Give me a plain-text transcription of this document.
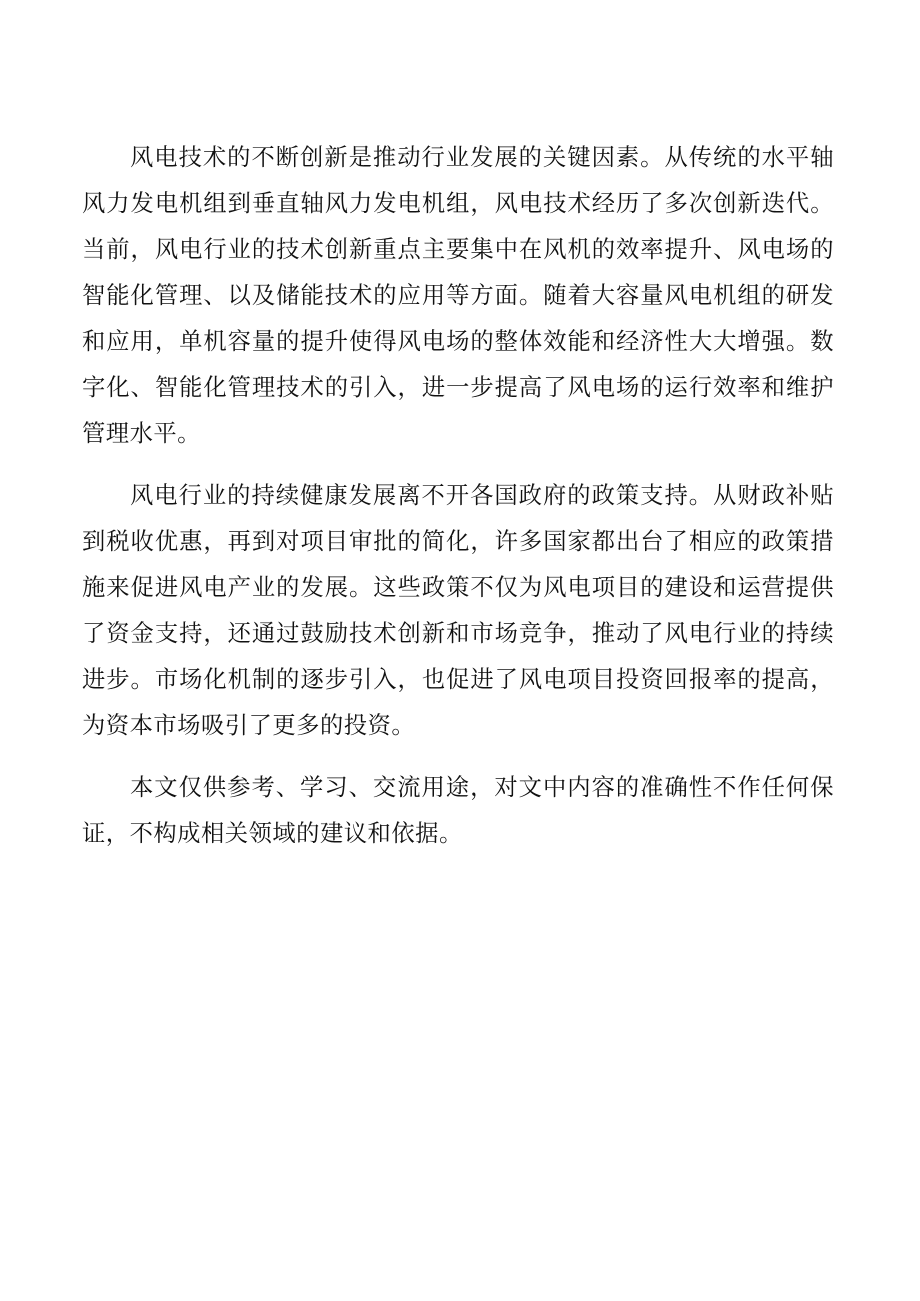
风电技术的不断创新是推动行业发展的关键因素。从传统的水平轴风力发电机组到垂直轴风力发电机组，风电技术经历了多次创新迭代。当前，风电行业的技术创新重点主要集中在风机的效率提升、风电场的智能化管理、以及储能技术的应用等方面。随着大容量风电机组的研发和应用，单机容量的提升使得风电场的整体效能和经济性大大增强。数字化、智能化管理技术的引入，进一步提高了风电场的运行效率和维护管理水平。

风电行业的持续健康发展离不开各国政府的政策支持。从财政补贴到税收优惠，再到对项目审批的简化，许多国家都出台了相应的政策措施来促进风电产业的发展。这些政策不仅为风电项目的建设和运营提供了资金支持，还通过鼓励技术创新和市场竞争，推动了风电行业的持续进步。市场化机制的逐步引入，也促进了风电项目投资回报率的提高，为资本市场吸引了更多的投资。

本文仅供参考、学习、交流用途，对文中内容的准确性不作任何保证，不构成相关领域的建议和依据。
